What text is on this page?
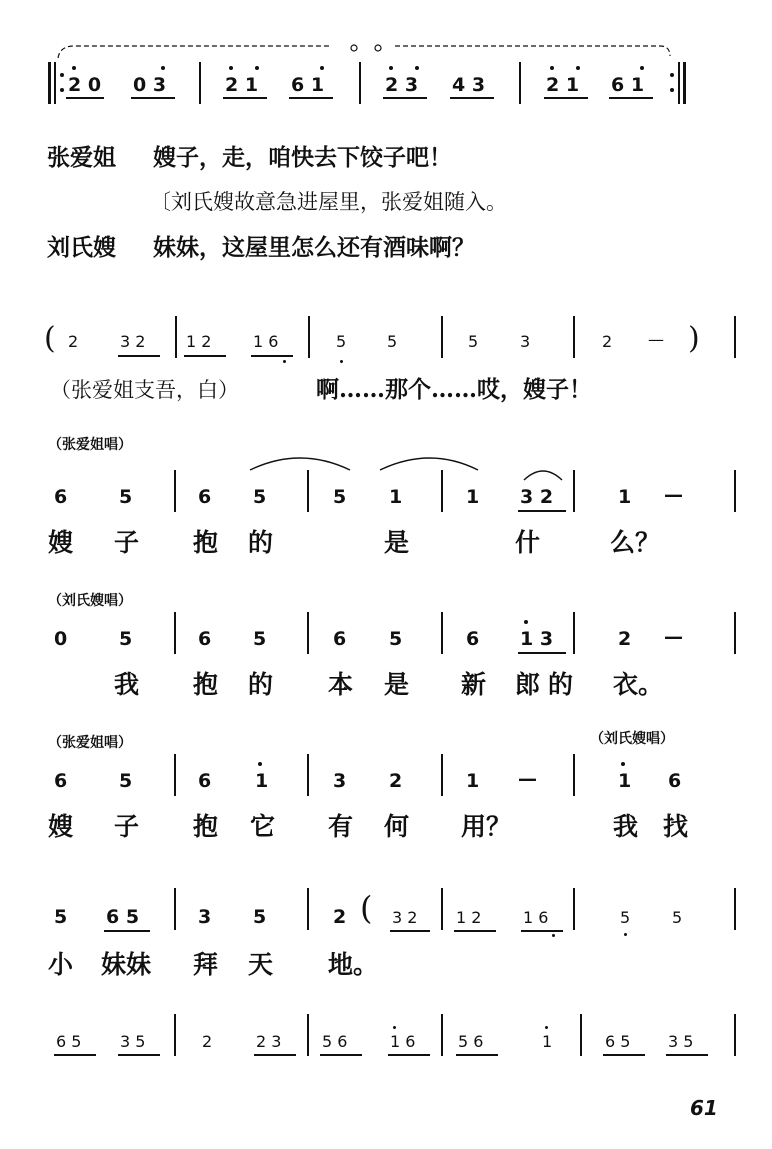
2 0 0 3	2 1 6 1	2 3 4 3	2 1 6 1
张爱姐 嫂子，走，咱快去下饺子吧！
〔刘氏嫂故意急进屋里，张爱姐随入。
刘氏嫂 妹妹，这屋里怎么还有酒味啊？
( 2	3 2	1 2	1 6	5	5	5	3	2 — )
（张爱姐支吾，白）	啊……那个……哎，嫂子！
（张爱姐唱）
6	5	6 5	5 1	1 3 2	1 —
嫂 子 抱 的	是	什	么？
（刘氏嫂唱）
0	5	6 5	6 5	6 1 3	2 —
我 抱 的 本 是 新 郎 的 衣。
（张爱姐唱）	（刘氏嫂唱）
6	5	6 1	3 2	1 —	1 6
嫂 子 抱 它 有 何 用？	我 找
5 6 5	3 5	2 ( 3 2 1 2	1 6	5	5
小 妹妹 拜 天 地。
6 5 3 5	2	2 3	5 6	1 6	5 6	1	6 5 3 5
61
